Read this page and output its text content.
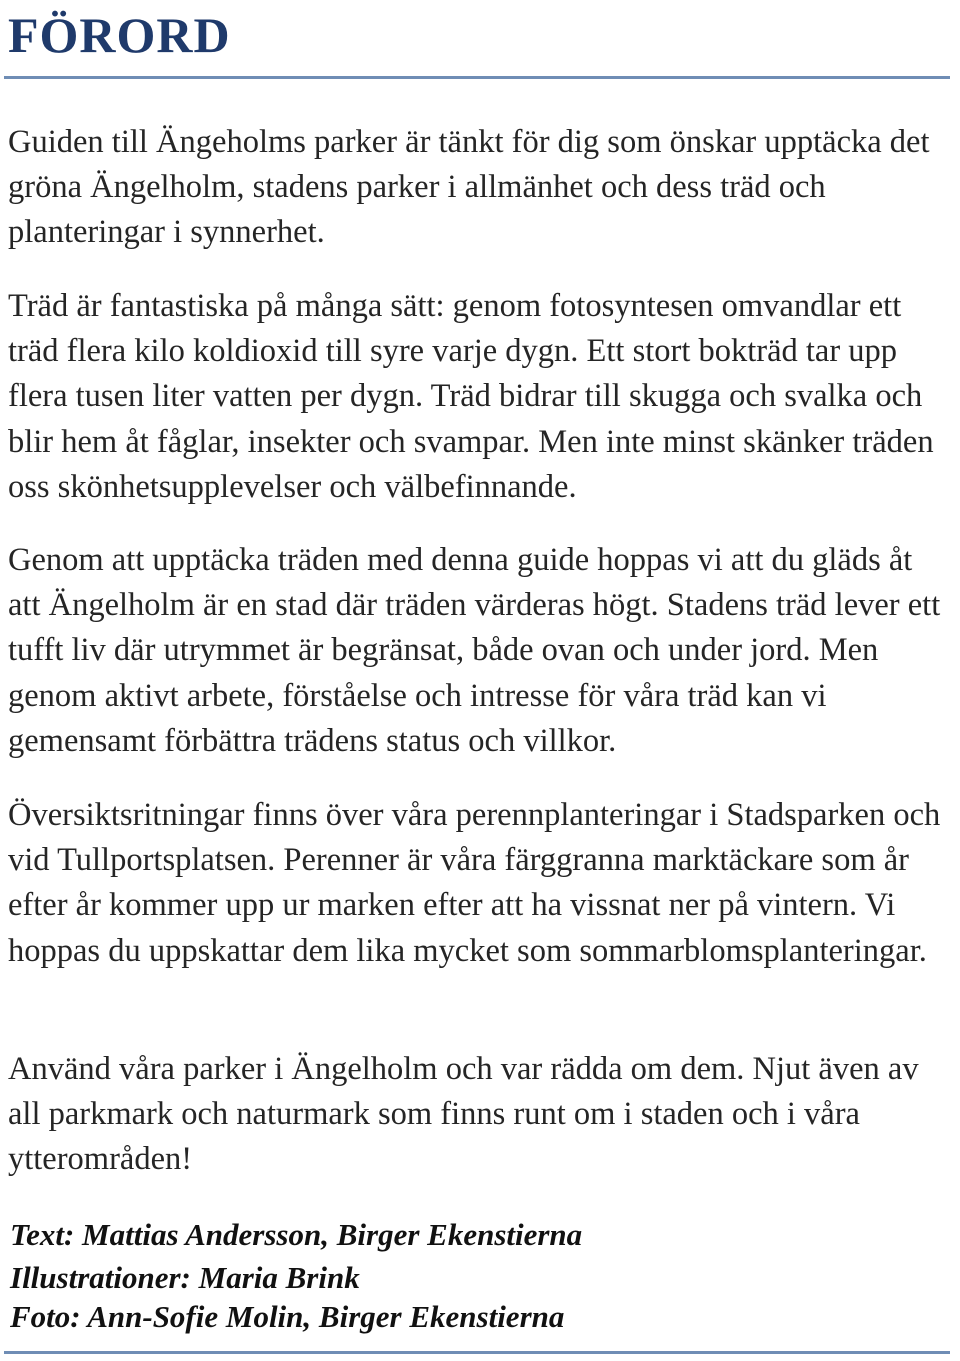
FÖRORD

Guiden till Ängeholms parker är tänkt för dig som önskar upptäcka det gröna Ängelholm, stadens parker i allmänhet och dess träd och planteringar i synnerhet.

Träd är fantastiska på många sätt: genom fotosyntesen omvandlar ett träd flera kilo koldioxid till syre varje dygn. Ett stort bokträd tar upp flera tusen liter vatten per dygn. Träd bidrar till skugga och svalka och blir hem åt fåglar, insekter och svampar. Men inte minst skänker träden oss skönhetsupplevelser och välbefinnande.

Genom att upptäcka träden med denna guide hoppas vi att du gläds åt att Ängelholm är en stad där träden värderas högt. Stadens träd lever ett tufft liv där utrymmet är begränsat, både ovan och under jord. Men genom aktivt arbete, förståelse och intresse för våra träd kan vi gemensamt förbättra trädens status och villkor.

Översiktsritningar finns över våra perennplanteringar i Stadsparken och vid Tullportsplatsen. Perenner är våra färggranna marktäckare som år efter år kommer upp ur marken efter att ha vissnat ner på vintern. Vi hoppas du uppskattar dem lika mycket som sommarblomsplanteringar.

Använd våra parker i Ängelholm och var rädda om dem. Njut även av all parkmark och naturmark som finns runt om i staden och i våra ytterområden!

Text: Mattias Andersson, Birger Ekenstierna
Illustrationer: Maria Brink
Foto: Ann-Sofie Molin, Birger Ekenstierna
